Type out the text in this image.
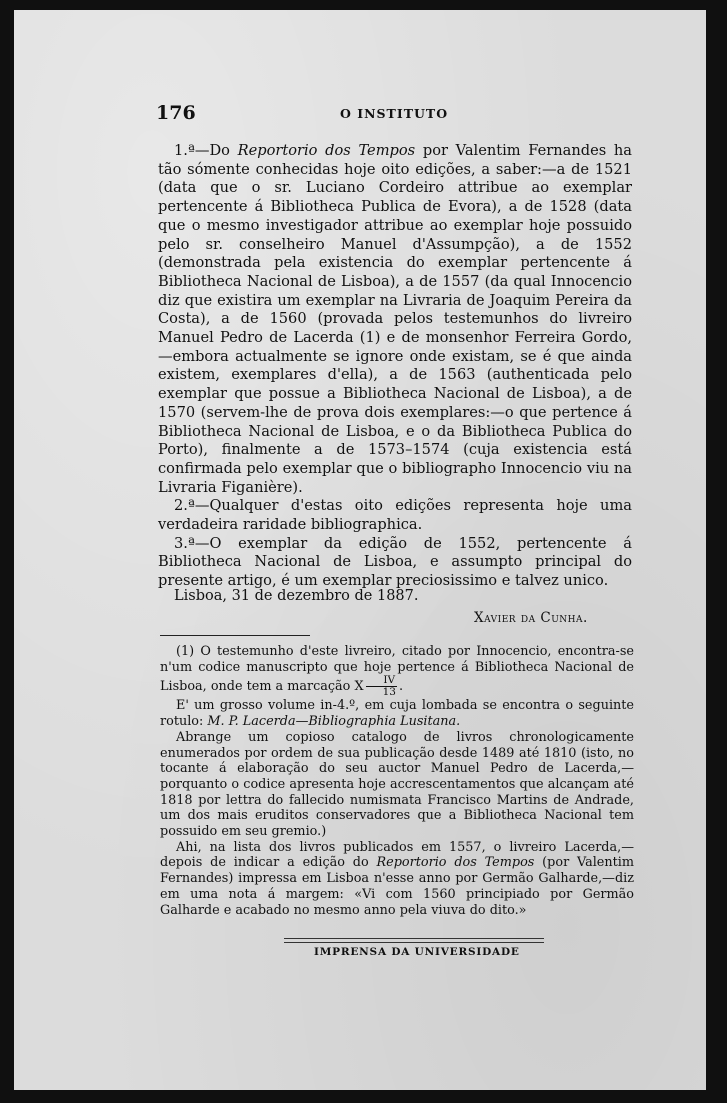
176	O INSTITUTO

1.ª—Do Reportorio dos Tempos por Valentim Fernandes ha tão sómente conhecidas hoje oito edições, a saber:—a de 1521 (data que o sr. Luciano Cordeiro attribue ao exemplar pertencente á Bibliotheca Publica de Evora), a de 1528 (data que o mesmo investigador attribue ao exemplar hoje possuido pelo sr. conselheiro Manuel d'Assumpção), a de 1552 (demonstrada pela existencia do exemplar pertencente á Bibliotheca Nacional de Lisboa), a de 1557 (da qual Innocencio diz que existira um exemplar na Livraria de Joaquim Pereira da Costa), a de 1560 (provada pelos testemunhos do livreiro Manuel Pedro de Lacerda (1) e de monsenhor Ferreira Gordo,—embora actualmente se ignore onde existam, se é que ainda existem, exemplares d'ella), a de 1563 (authenticada pelo exemplar que possue a Bibliotheca Nacional de Lisboa), a de 1570 (servem-lhe de prova dois exemplares:—o que pertence á Bibliotheca Nacional de Lisboa, e o da Bibliotheca Publica do Porto), finalmente a de 1573–1574 (cuja existencia está confirmada pelo exemplar que o bibliographo Innocencio viu na Livraria Figanière).

2.ª—Qualquer d'estas oito edições representa hoje uma verdadeira raridade bibliographica.

3.ª—O exemplar da edição de 1552, pertencente á Bibliotheca Nacional de Lisboa, e assumpto principal do presente artigo, é um exemplar preciosissimo e talvez unico.

Lisboa, 31 de dezembro de 1887.
Xavier da Cunha.

(1) O testemunho d'este livreiro, citado por Innocencio, encontra-se n'um codice manuscripto que hoje pertence á Bibliotheca Nacional de Lisboa, onde tem a marcação X $\frac{IV}{13}$ .

E' um grosso volume in-4.º, em cuja lombada se encontra o seguinte rotulo: M. P. Lacerda—Bibliographia Lusitana.

Abrange um copioso catalogo de livros chronologicamente enumerados por ordem de sua publicação desde 1489 até 1810 (isto, no tocante á elaboração do seu auctor Manuel Pedro de Lacerda,—porquanto o codice apresenta hoje accrescentamentos que alcançam até 1818 por lettra do fallecido numismata Francisco Martins de Andrade, um dos mais eruditos conservadores que a Bibliotheca Nacional tem possuido em seu gremio.)

Ahi, na lista dos livros publicados em 1557, o livreiro Lacerda,—depois de indicar a edição do Reportorio dos Tempos (por Valentim Fernandes) impressa em Lisboa n'esse anno por Germão Galharde,—diz em uma nota á margem: «Vi com 1560 principiado por Germão Galharde e acabado no mesmo anno pela viuva do dito.»

IMPRENSA DA UNIVERSIDADE
